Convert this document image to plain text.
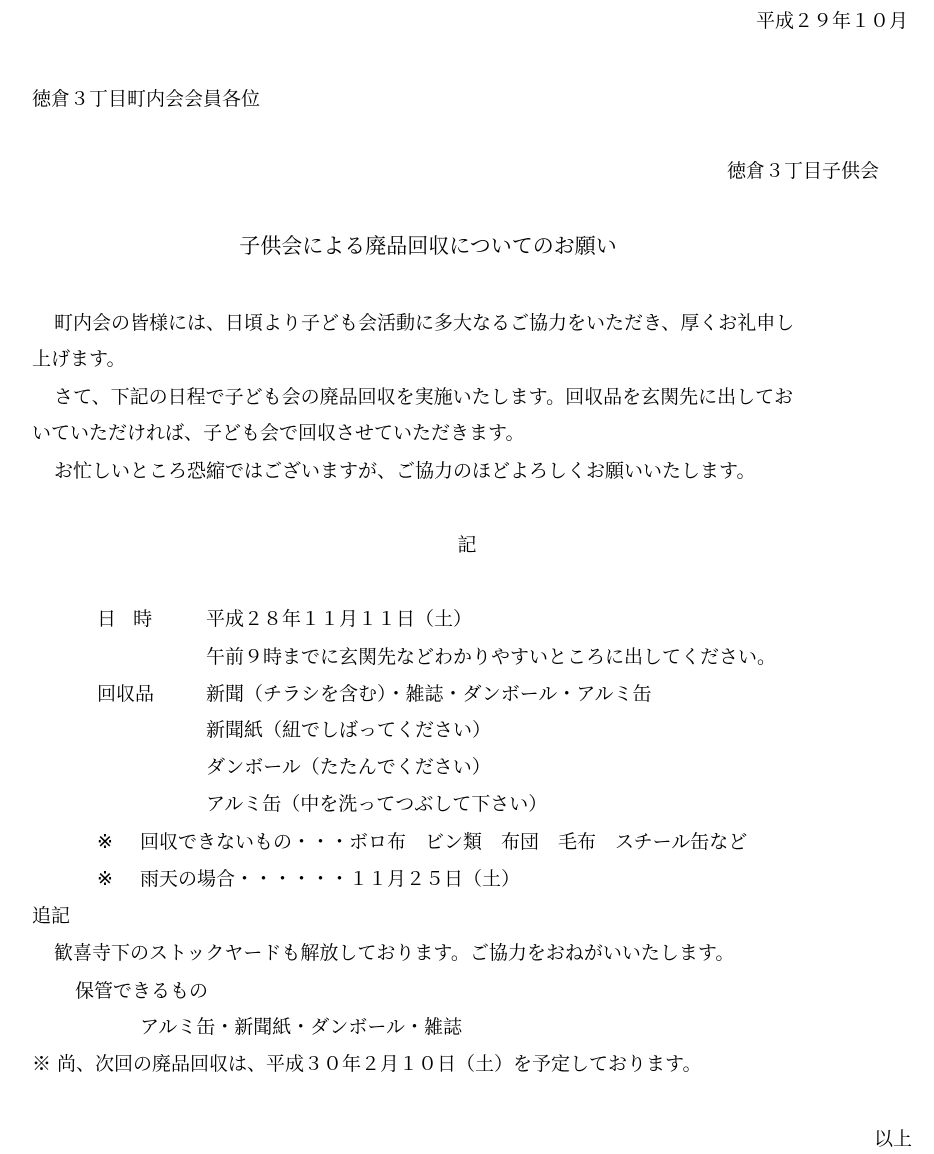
平成２９年１０月

徳倉３丁目町内会会員各位

徳倉３丁目子供会

子供会による廃品回収についてのお願い

町内会の皆様には、日頃より子ども会活動に多大なるご協力をいただき、厚くお礼申し

上げます。

さて、下記の日程で子ども会の廃品回収を実施いたします。回収品を玄関先に出してお

いていただければ、子ども会で回収させていただきます。

お忙しいところ恐縮ではございますが、ご協力のほどよろしくお願いいたします。

記

日時 平成２８年１１月１１日（土）

午前９時までに玄関先などわかりやすいところに出してください。

回収品	新聞（チラシを含む）・雑誌・ダンボール・アルミ缶

新聞紙（紐でしばってください）

ダンボール（たたんでください）

アルミ缶（中を洗ってつぶして下さい）

※ 回収できないもの・・・ボロ布　ビン類　布団　毛布　スチール缶など

※ 雨天の場合・・・・・・１１月２５日（土）

追記

歓喜寺下のストックヤードも解放しております。ご協力をおねがいいたします。

保管できるもの

アルミ缶・新聞紙・ダンボール・雑誌

※ 尚、次回の廃品回収は、平成３０年２月１０日（土）を予定しております。

以上
